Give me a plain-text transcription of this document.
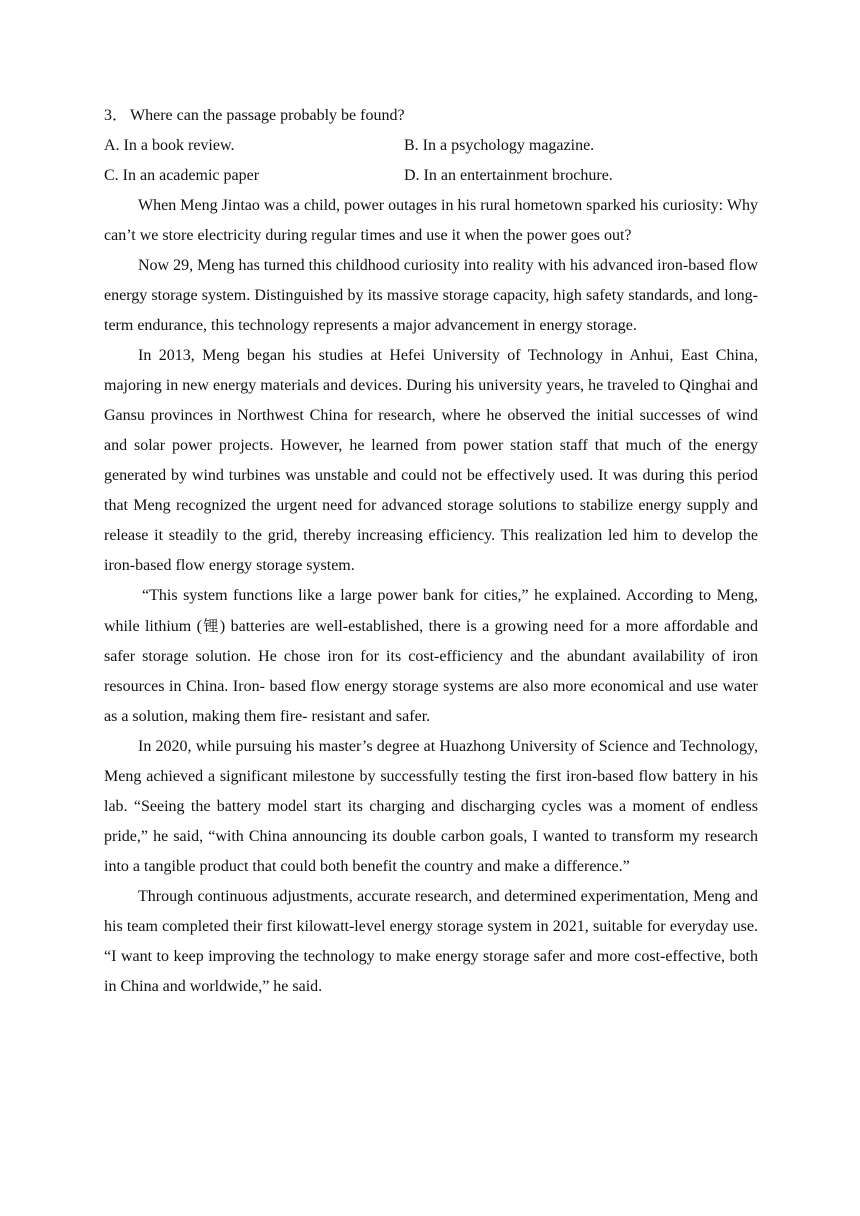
3． Where can the passage probably be found?

A. In a book review.	B. In a psychology magazine.
C. In an academic paper	D. In an entertainment brochure.

When Meng Jintao was a child, power outages in his rural hometown sparked his curiosity: Why can’t we store electricity during regular times and use it when the power goes out?

Now 29, Meng has turned this childhood curiosity into reality with his advanced iron-based flow energy storage system. Distinguished by its massive storage capacity, high safety standards, and long-term endurance, this technology represents a major advancement in energy storage.

In 2013, Meng began his studies at Hefei University of Technology in Anhui, East China, majoring in new energy materials and devices. During his university years, he traveled to Qinghai and Gansu provinces in Northwest China for research, where he observed the initial successes of wind and solar power projects. However, he learned from power station staff that much of the energy generated by wind turbines was unstable and could not be effectively used. It was during this period that Meng recognized the urgent need for advanced storage solutions to stabilize energy supply and release it steadily to the grid, thereby increasing efficiency. This realization led him to develop the iron-based flow energy storage system.

“This system functions like a large power bank for cities,” he explained. According to Meng, while lithium (锂) batteries are well-established, there is a growing need for a more affordable and safer storage solution. He chose iron for its cost-efficiency and the abundant availability of iron resources in China. Iron- based flow energy storage systems are also more economical and use water as a solution, making them fire- resistant and safer.

In 2020, while pursuing his master’s degree at Huazhong University of Science and Technology, Meng achieved a significant milestone by successfully testing the first iron-based flow battery in his lab. “Seeing the battery model start its charging and discharging cycles was a moment of endless pride,” he said, “with China announcing its double carbon goals, I wanted to transform my research into a tangible product that could both benefit the country and make a difference.”

Through continuous adjustments, accurate research, and determined experimentation, Meng and his team completed their first kilowatt-level energy storage system in 2021, suitable for everyday use. “I want to keep improving the technology to make energy storage safer and more cost-effective, both in China and worldwide,” he said.
